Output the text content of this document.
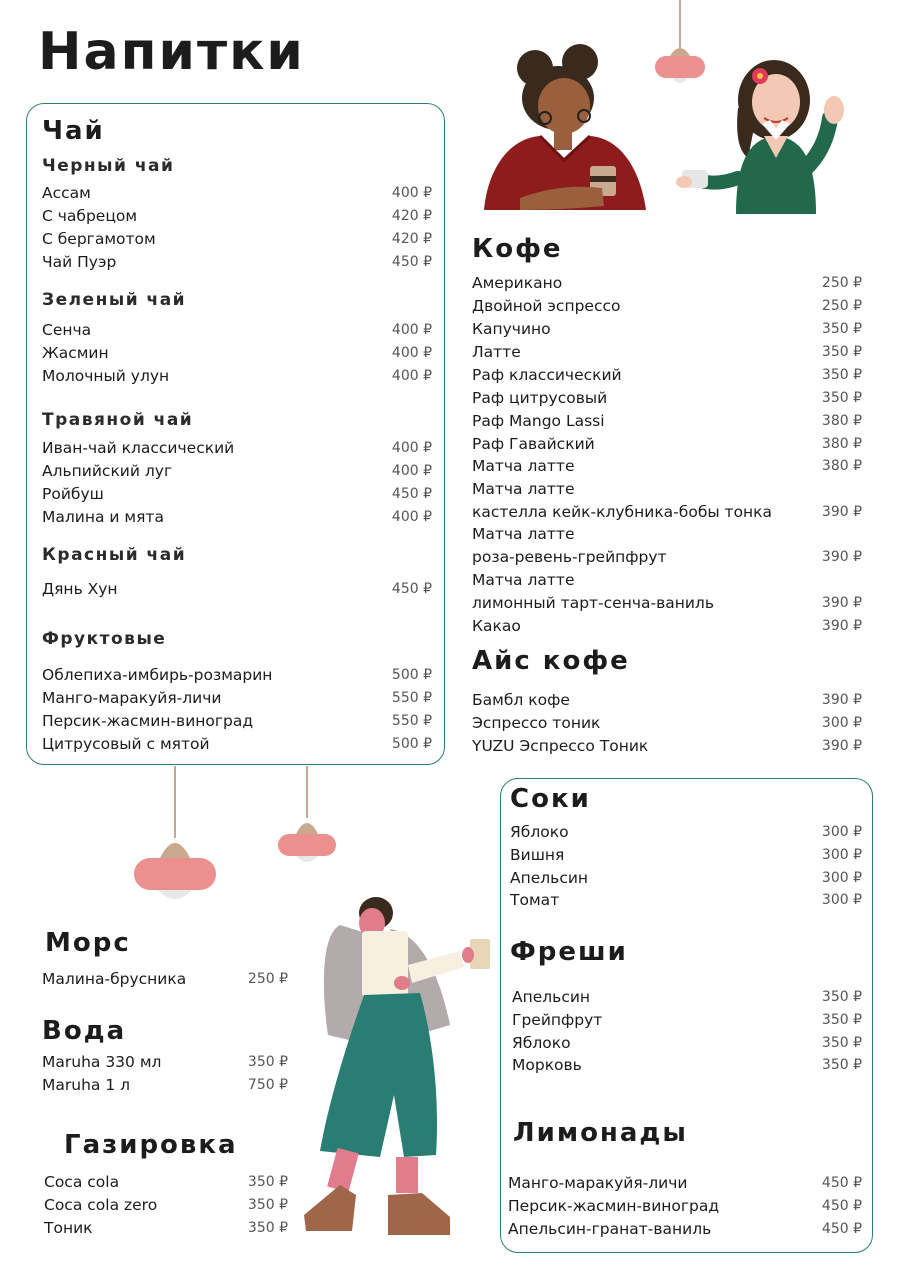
Напитки
Чай
Черный чай
Ассам	400 ₽
С чабрецом	420 ₽
С бергамотом	420 ₽
Чай Пуэр	450 ₽
Зеленый чай
Сенча	400 ₽
Жасмин	400 ₽
Молочный улун	400 ₽
Травяной чай
Иван-чай классический	400 ₽
Альпийский луг	400 ₽
Ройбуш	450 ₽
Малина и мята	400 ₽
Красный чай
Дянь Хун	450 ₽
Фруктовые
Облепиха-имбирь-розмарин	500 ₽
Манго-маракуйя-личи	550 ₽
Персик-жасмин-виноград	550 ₽
Цитрусовый с мятой	500 ₽
Кофе
Американо	250 ₽
Двойной эспрессо	250 ₽
Капучино	350 ₽
Латте	350 ₽
Раф классический	350 ₽
Раф цитрусовый	350 ₽
Раф Mango Lassi	380 ₽
Раф Гавайский	380 ₽
Матча латте	380 ₽
Матча латте
кастелла кейк-клубника-бобы тонка	390 ₽
Матча латте
роза-ревень-грейпфрут	390 ₽
Матча латте
лимонный тарт-сенча-ваниль	390 ₽
Какао	390 ₽
Айс кофе
Бамбл кофе	390 ₽
Эспрессо тоник	300 ₽
YUZU Эспрессо Тоник	390 ₽
Соки
Яблоко	300 ₽
Вишня	300 ₽
Апельсин	300 ₽
Томат	300 ₽
Фреши
Апельсин	350 ₽
Грейпфрут	350 ₽
Яблоко	350 ₽
Морковь	350 ₽
Лимонады
Манго-маракуйя-личи	450 ₽
Персик-жасмин-виноград	450 ₽
Апельсин-гранат-ваниль	450 ₽
Морс
Малина-брусника	250 ₽
Вода
Maruha 330 мл	350 ₽
Maruha 1 л	750 ₽
Газировка
Coca cola	350 ₽
Coca cola zero	350 ₽
Тоник	350 ₽
